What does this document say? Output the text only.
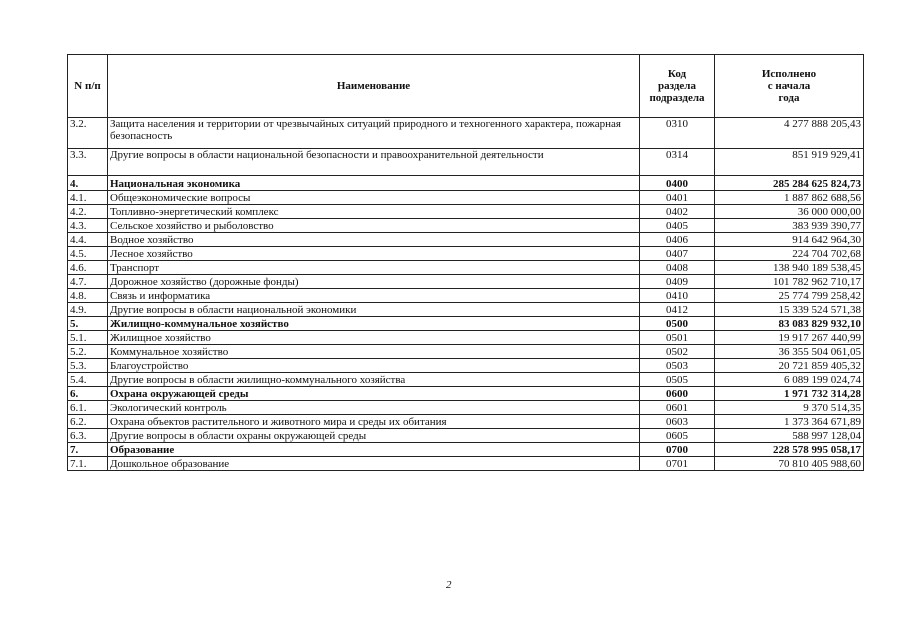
N п/п	Наименование	Код
раздела
подраздела	Исполнено
с начала
года

3.2.	Защита населения и территории от чрезвычайных ситуаций природного и техногенного характера, пожарная безопасность	0310	4 277 888 205,43
3.3.	Другие вопросы в области национальной безопасности и правоохранительной деятельности	0314	851 919 929,41
4.	Национальная экономика	0400	285 284 625 824,73
4.1.	Общеэкономические вопросы	0401	1 887 862 688,56
4.2.	Топливно-энергетический комплекс	0402	36 000 000,00
4.3.	Сельское хозяйство и рыболовство	0405	383 939 390,77
4.4.	Водное хозяйство	0406	914 642 964,30
4.5.	Лесное хозяйство	0407	224 704 702,68
4.6.	Транспорт	0408	138 940 189 538,45
4.7.	Дорожное хозяйство (дорожные фонды)	0409	101 782 962 710,17
4.8.	Связь и информатика	0410	25 774 799 258,42
4.9.	Другие вопросы в области национальной экономики	0412	15 339 524 571,38
5.	Жилищно-коммунальное хозяйство	0500	83 083 829 932,10
5.1.	Жилищное хозяйство	0501	19 917 267 440,99
5.2.	Коммунальное хозяйство	0502	36 355 504 061,05
5.3.	Благоустройство	0503	20 721 859 405,32
5.4.	Другие вопросы в области жилищно-коммунального хозяйства	0505	6 089 199 024,74
6.	Охрана окружающей среды	0600	1 971 732 314,28
6.1.	Экологический контроль	0601	9 370 514,35
6.2.	Охрана объектов растительного и животного мира и среды их обитания	0603	1 373 364 671,89
6.3.	Другие вопросы в области охраны окружающей среды	0605	588 997 128,04
7.	Образование	0700	228 578 995 058,17
7.1.	Дошкольное образование	0701	70 810 405 988,60
2
